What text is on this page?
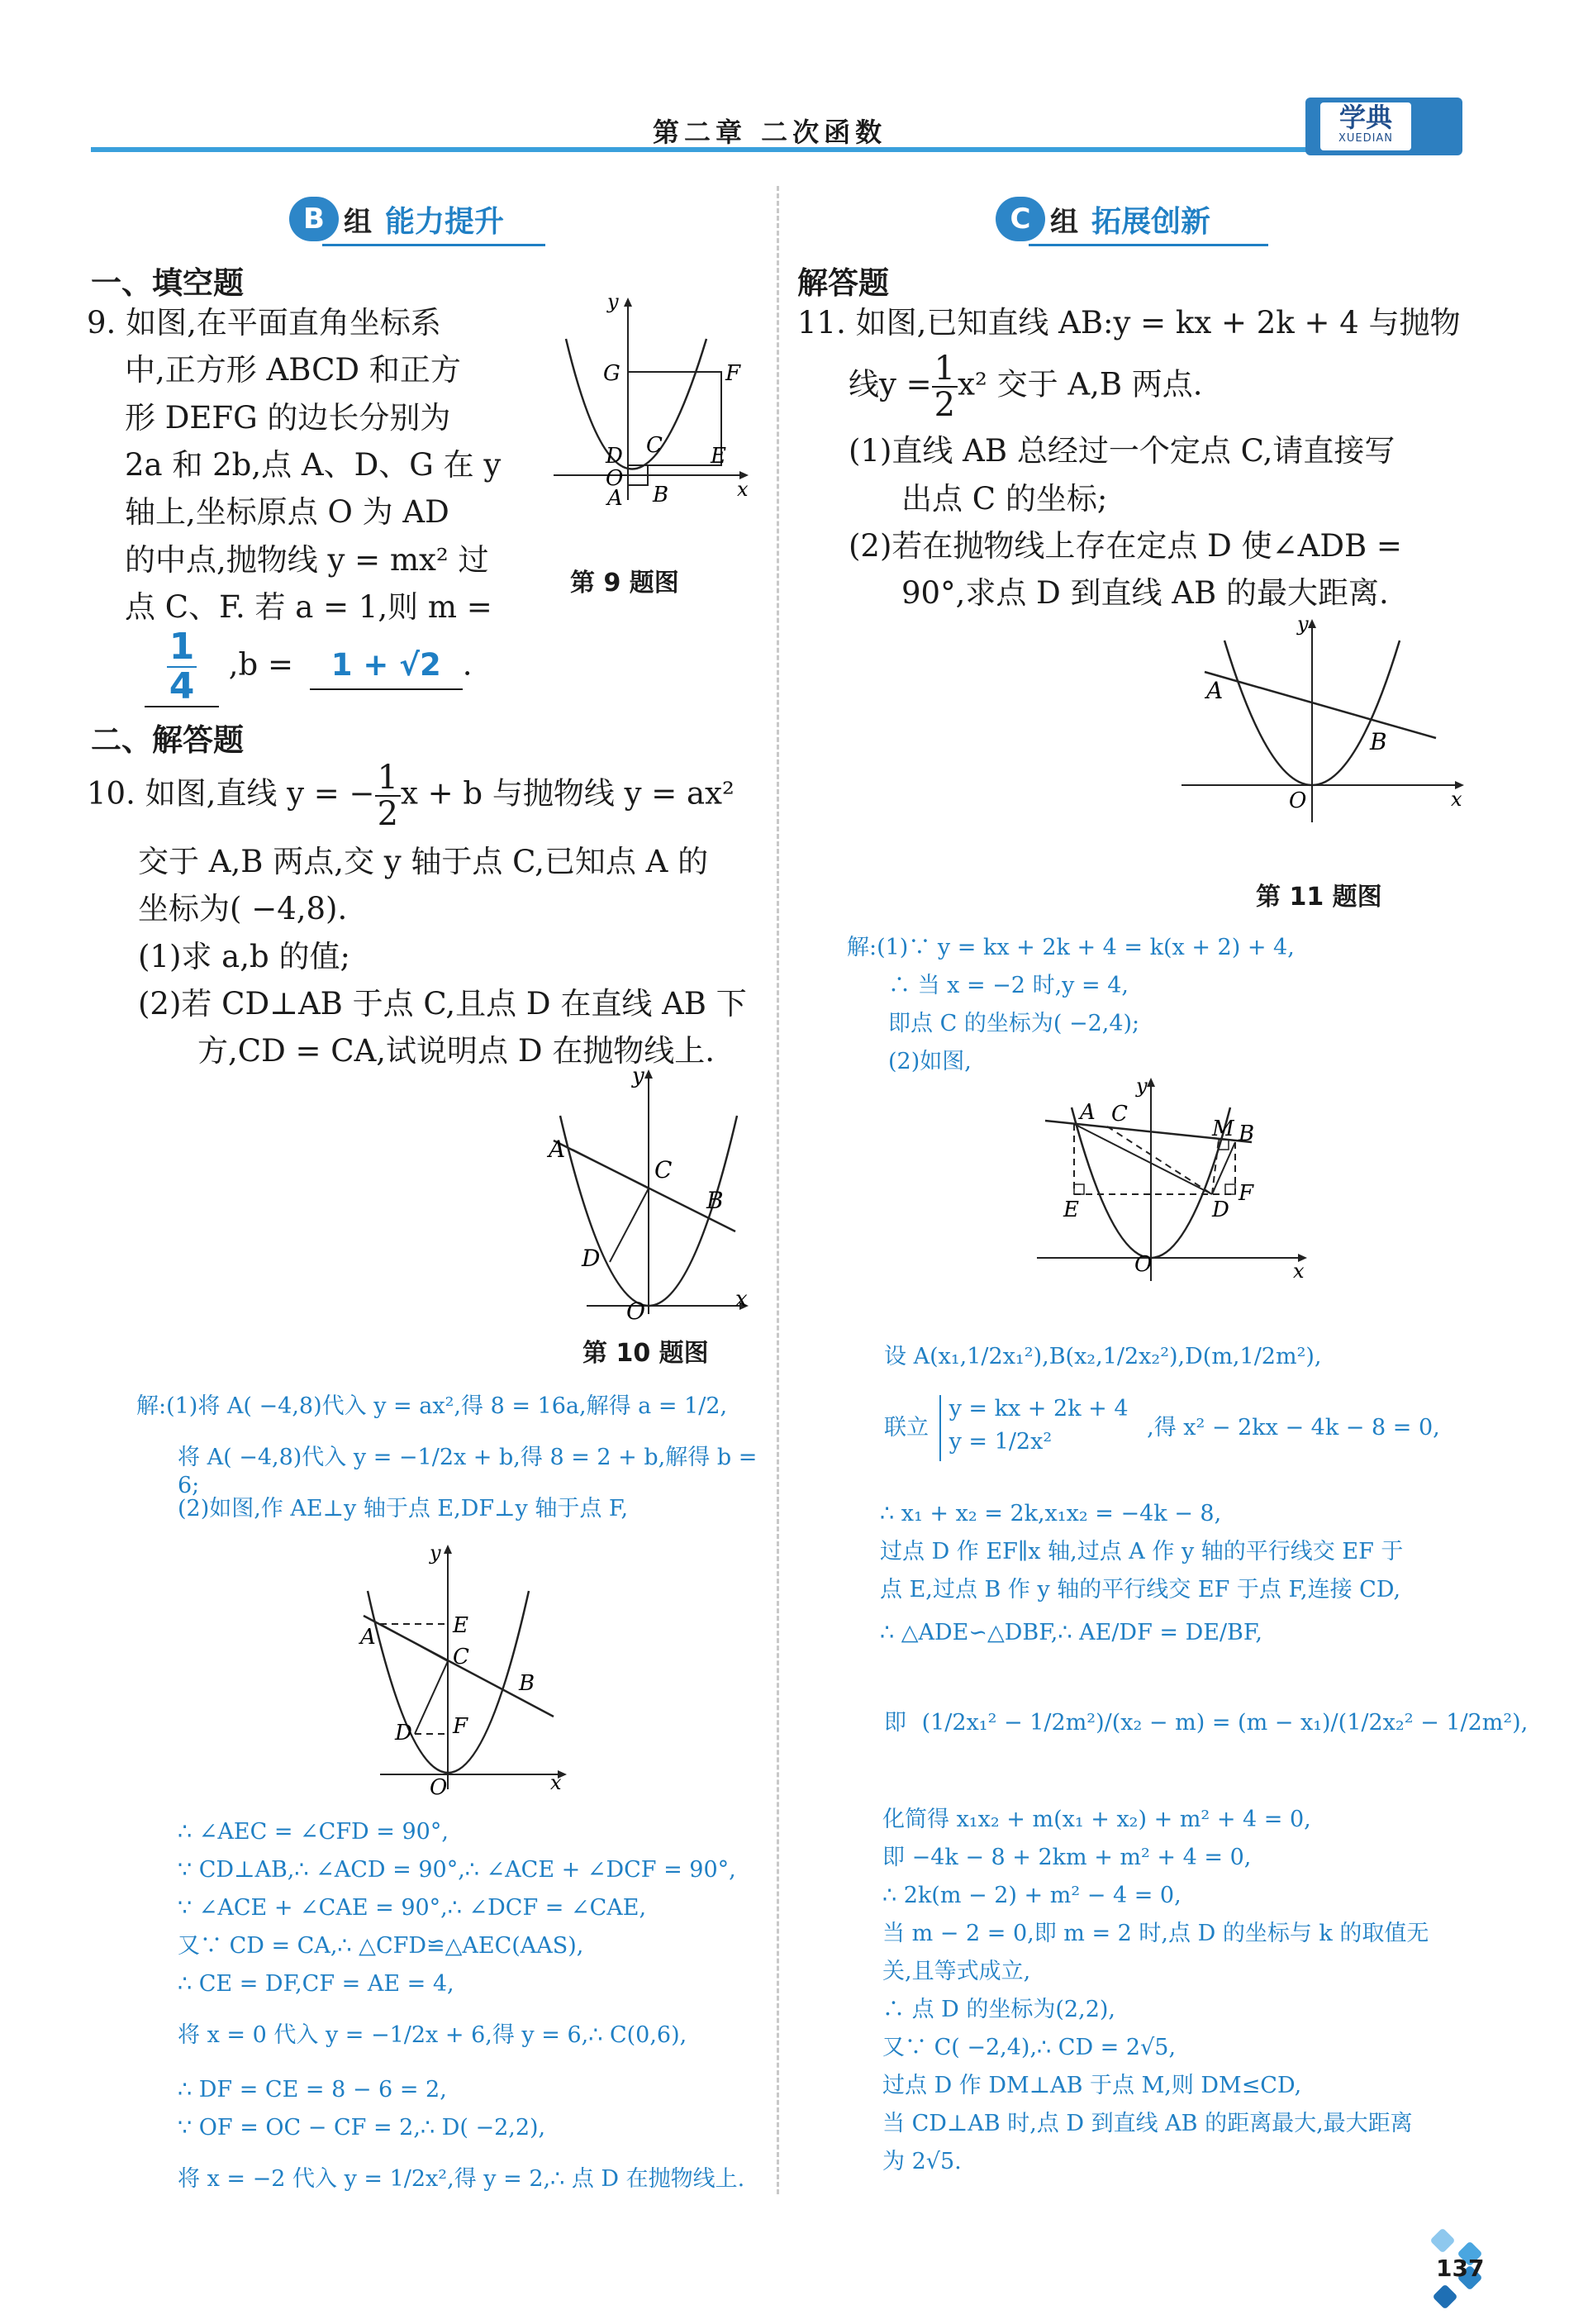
第二章 二次函数	学典
XUEDIAN
B 组 能力提升
一、填空题
9. 如图,在平面直角坐标系
中,正方形 ABCD 和正方
形 DEFG 的边长分别为
2a 和 2b,点 A、D、G 在 y
轴上,坐标原点 O 为 AD
的中点,抛物线 y = mx² 过
点 C、F. 若 a = 1,则 m =
$\frac{1}{4} ,b = 1 + √2$ .
y
x
G	F
D C E
O
A B
第 9 题图
二、解答题
10. 如图,直线 y = − $\frac{1}{2}$ x + b 与抛物线 y = ax²
交于 A,B 两点,交 y 轴于点 C,已知点 A 的
坐标为( −4,8).
(1)求 a,b 的值;
(2)若 CD⊥AB 于点 C,且点 D 在直线 AB 下
方,CD = CA,试说明点 D 在抛物线上.
y
x
A
B
C
D
O
第 10 题图
解:(1)将 A( −4,8)代入 y = ax²,得 8 = 16a,解得 a = 1/2,
将 A( −4,8)代入 y = −1/2x + b,得 8 = 2 + b,解得 b = 6;
(2)如图,作 AE⊥y 轴于点 E,DF⊥y 轴于点 F,
y
x
A
B
C
D
E
F
O
∴ ∠AEC = ∠CFD = 90°,
∵ CD⊥AB,∴ ∠ACD = 90°,∴ ∠ACE + ∠DCF = 90°,
∵ ∠ACE + ∠CAE = 90°,∴ ∠DCF = ∠CAE,
又∵ CD = CA,∴ △CFD≌△AEC(AAS),
∴ CE = DF,CF = AE = 4,
将 x = 0 代入 y = −1/2x + 6,得 y = 6,∴ C(0,6),
∴ DF = CE = 8 − 6 = 2,
∵ OF = OC − CF = 2,∴ D( −2,2),
将 x = −2 代入 y = 1/2x²,得 y = 2,∴ 点 D 在抛物线上.
C 组 拓展创新
解答题
11. 如图,已知直线 AB:y = kx + 2k + 4 与抛物
线$y = \frac{1}{2} x^2$ 交于 A,B 两点.
(1)直线 AB 总经过一个定点 C,请直接写
出点 C 的坐标;
(2)若在抛物线上存在定点 D 使∠ADB =
90°,求点 D 到直线 AB 的最大距离.
y
x
A
B
O
第 11 题图
解:(1)∵ y = kx + 2k + 4 = k(x + 2) + 4,
∴ 当 x = −2 时,y = 4,
即点 C 的坐标为( −2,4);
(2)如图,
y
x
A C
M B
E	D
F
O
设 A(x₁,1/2x₁²),B(x₂,1/2x₂²),D(m,1/2m²),
联立
y = kx + 2k + 4
y = 1/2x²
,得 x² − 2kx − 4k − 8 = 0,
∴ x₁ + x₂ = 2k,x₁x₂ = −4k − 8,
过点 D 作 EF∥x 轴,过点 A 作 y 轴的平行线交 EF 于
点 E,过点 B 作 y 轴的平行线交 EF 于点 F,连接 CD,
∴ △ADE∽△DBF,∴ AE/DF = DE/BF,
即 (1/2x₁² − 1/2m²)/(x₂ − m) = (m − x₁)/(1/2x₂² − 1/2m²),
化简得 x₁x₂ + m(x₁ + x₂) + m² + 4 = 0,
即 −4k − 8 + 2km + m² + 4 = 0,
∴ 2k(m − 2) + m² − 4 = 0,
当 m − 2 = 0,即 m = 2 时,点 D 的坐标与 k 的取值无
关,且等式成立,
∴ 点 D 的坐标为(2,2),
又∵ C( −2,4),∴ CD = 2√5,
过点 D 作 DM⊥AB 于点 M,则 DM≤CD,
当 CD⊥AB 时,点 D 到直线 AB 的距离最大,最大距离
为 2√5.
137
